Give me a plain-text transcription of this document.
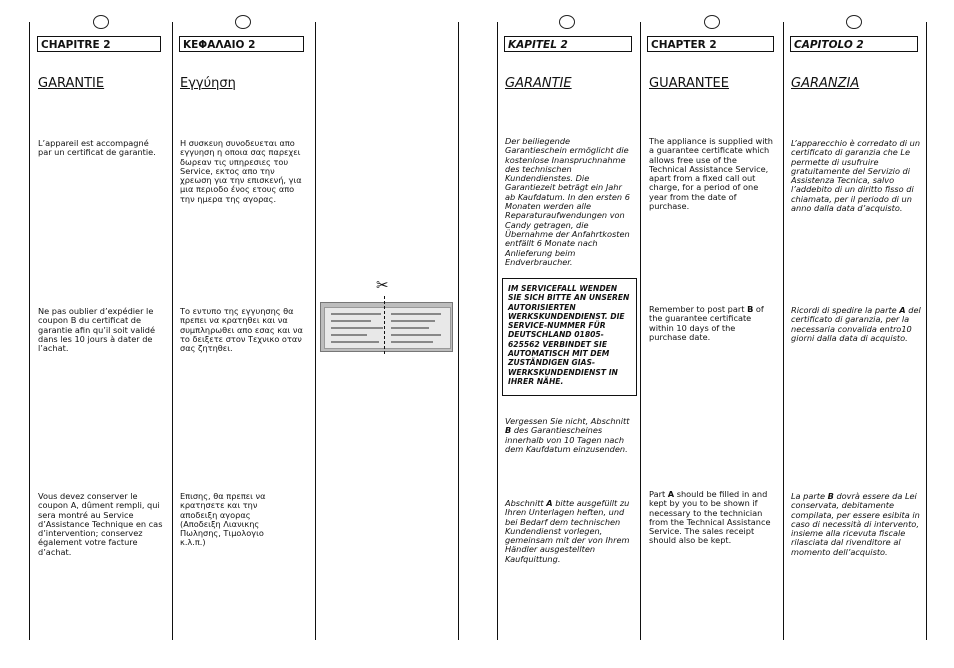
CHAPITRE 2
GARANTIE

L’appareil est accompagné par un certificat de garantie.

Ne pas oublier d’expédier le coupon B du certificat de garantie afin qu’il soit validé dans les 10 jours à dater de l’achat.

Vous devez conserver le coupon A, dûment rempli, qui sera montré au Service d’Assistance Technique en cas d’intervention; conservez également votre facture d’achat.

ΚΕΦΑΛΑΙΟ 2
Εγγύηση

Η συσκευη συνοδευεται απο εγγυηση η οποια σας παρεχει δωρεαν τις υπηρεσιες του Service, εκτος απο την χρεωση για την επισκενή, για μια περιοδο ένος ετους απο την ημερα της αγορας.

Το εντυπο της εγγυησης θα πρεπει να κρατηθει και να συμπληρωθει απο εσας και να το δειξετε στον Τεχνικο οταν σας ζητηθει.

Επισης, θα πρεπει να κρατησετε και την αποδειξη αγορας (Αποδειξη Λιανικης Πωλησης, Τιμολογιο κ.λ.π.)

✂
KAPITEL 2
GARANTIE

Der beiliegende Garantieschein ermöglicht die kostenlose Inanspruchnahme des technischen Kundendienstes. Die Garantiezeit beträgt ein Jahr ab Kaufdatum. In den ersten 6 Monaten werden alle Reparaturaufwendungen von Candy getragen, die Übernahme der Anfahrtkosten entfällt 6 Monate nach Anlieferung beim Endverbraucher.

IM SERVICEFALL WENDEN SIE SICH BITTE AN UNSEREN AUTORISIERTEN WERKSKUNDENDIENST. DIE SERVICE-NUMMER FÜR DEUTSCHLAND 01805-625562 VERBINDET SIE AUTOMATISCH MIT DEM ZUSTÄNDIGEN GIAS-WERKSKUNDENDIENST IN IHRER NÄHE.

Vergessen Sie nicht, Abschnitt B des Garantiescheines innerhalb von 10 Tagen nach dem Kaufdatum einzusenden.

Abschnitt A bitte ausgefüllt zu Ihren Unterlagen heften, und bei Bedarf dem technischen Kundendienst vorlegen, gemeinsam mit der von Ihrem Händler ausgestellten Kaufquittung.

CHAPTER 2
GUARANTEE

The appliance is supplied with a guarantee certificate which allows free use of the Technical Assistance Service, apart from a fixed call out charge, for a period of one year from the date of purchase.

Remember to post part B of the guarantee certificate within 10 days of the purchase date.

Part A should be filled in and kept by you to be shown if necessary to the technician from the Technical Assistance Service. The sales receipt should also be kept.

CAPITOLO 2
GARANZIA

L’apparecchio è corredato di un certificato di garanzia che Le permette di usufruire gratuitamente del Servizio di Assistenza Tecnica, salvo l’addebito di un diritto fisso di chiamata, per il periodo di un anno dalla data d’acquisto.

Ricordi di spedire la parte A del certificato di garanzia, per la necessaria convalida entro10 giorni dalla data di acquisto.

La parte B dovrà essere da Lei conservata, debitamente compilata, per essere esibita in caso di necessità di intervento, insieme alla ricevuta fiscale rilasciata dal rivenditore al momento dell’acquisto.
